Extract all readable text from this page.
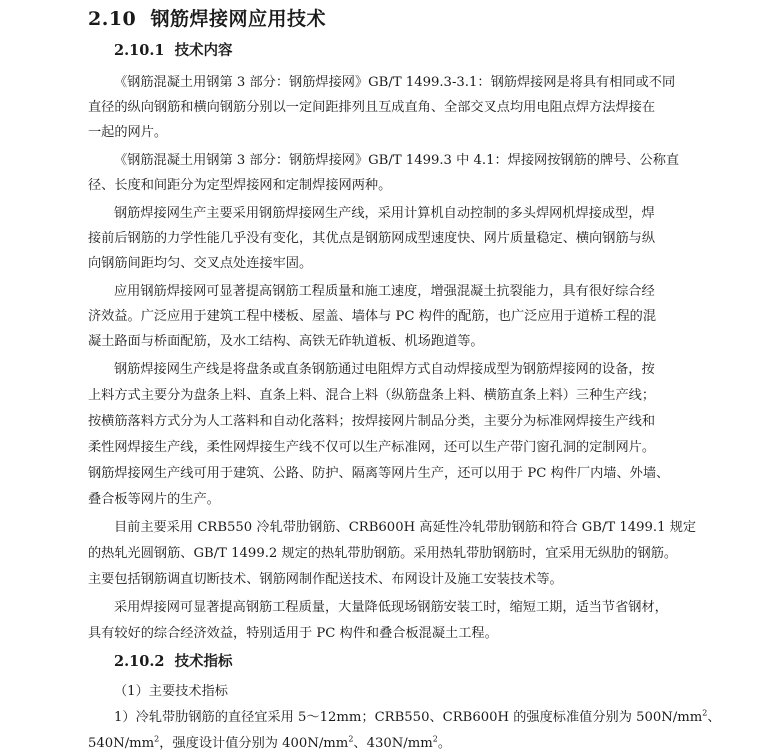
2.10 钢筋焊接网应用技术
2.10.1 技术内容
《钢筋混凝土用钢第 3 部分：钢筋焊接网》GB/T 1499.3-3.1：钢筋焊接网是将具有相同或不同
直径的纵向钢筋和横向钢筋分别以一定间距排列且互成直角、全部交叉点均用电阻点焊方法焊接在
一起的网片。
《钢筋混凝土用钢第 3 部分：钢筋焊接网》GB/T 1499.3 中 4.1：焊接网按钢筋的牌号、公称直
径、长度和间距分为定型焊接网和定制焊接网两种。
钢筋焊接网生产主要采用钢筋焊接网生产线，采用计算机自动控制的多头焊网机焊接成型，焊
接前后钢筋的力学性能几乎没有变化，其优点是钢筋网成型速度快、网片质量稳定、横向钢筋与纵
向钢筋间距均匀、交叉点处连接牢固。
应用钢筋焊接网可显著提高钢筋工程质量和施工速度，增强混凝土抗裂能力，具有很好综合经
济效益。广泛应用于建筑工程中楼板、屋盖、墙体与 PC 构件的配筋，也广泛应用于道桥工程的混
凝土路面与桥面配筋，及水工结构、高铁无砟轨道板、机场跑道等。
钢筋焊接网生产线是将盘条或直条钢筋通过电阻焊方式自动焊接成型为钢筋焊接网的设备，按
上料方式主要分为盘条上料、直条上料、混合上料（纵筋盘条上料、横筋直条上料）三种生产线；
按横筋落料方式分为人工落料和自动化落料；按焊接网片制品分类，主要分为标准网焊接生产线和
柔性网焊接生产线，柔性网焊接生产线不仅可以生产标准网，还可以生产带门窗孔洞的定制网片。
钢筋焊接网生产线可用于建筑、公路、防护、隔离等网片生产，还可以用于 PC 构件厂内墙、外墙、
叠合板等网片的生产。
目前主要采用 CRB550 冷轧带肋钢筋、CRB600H 高延性冷轧带肋钢筋和符合 GB/T 1499.1 规定
的热轧光圆钢筋、GB/T 1499.2 规定的热轧带肋钢筋。采用热轧带肋钢筋时，宜采用无纵肋的钢筋。
主要包括钢筋调直切断技术、钢筋网制作配送技术、布网设计及施工安装技术等。
采用焊接网可显著提高钢筋工程质量，大量降低现场钢筋安装工时，缩短工期，适当节省钢材，
具有较好的综合经济效益，特别适用于 PC 构件和叠合板混凝土工程。
2.10.2 技术指标
（1）主要技术指标
1）冷轧带肋钢筋的直径宜采用 5～12mm；CRB550、CRB600H 的强度标准值分别为 $500N/mm^2$、
$540N/mm^2$，强度设计值分别为 $400N/mm^2$、$430N/mm^2$。
